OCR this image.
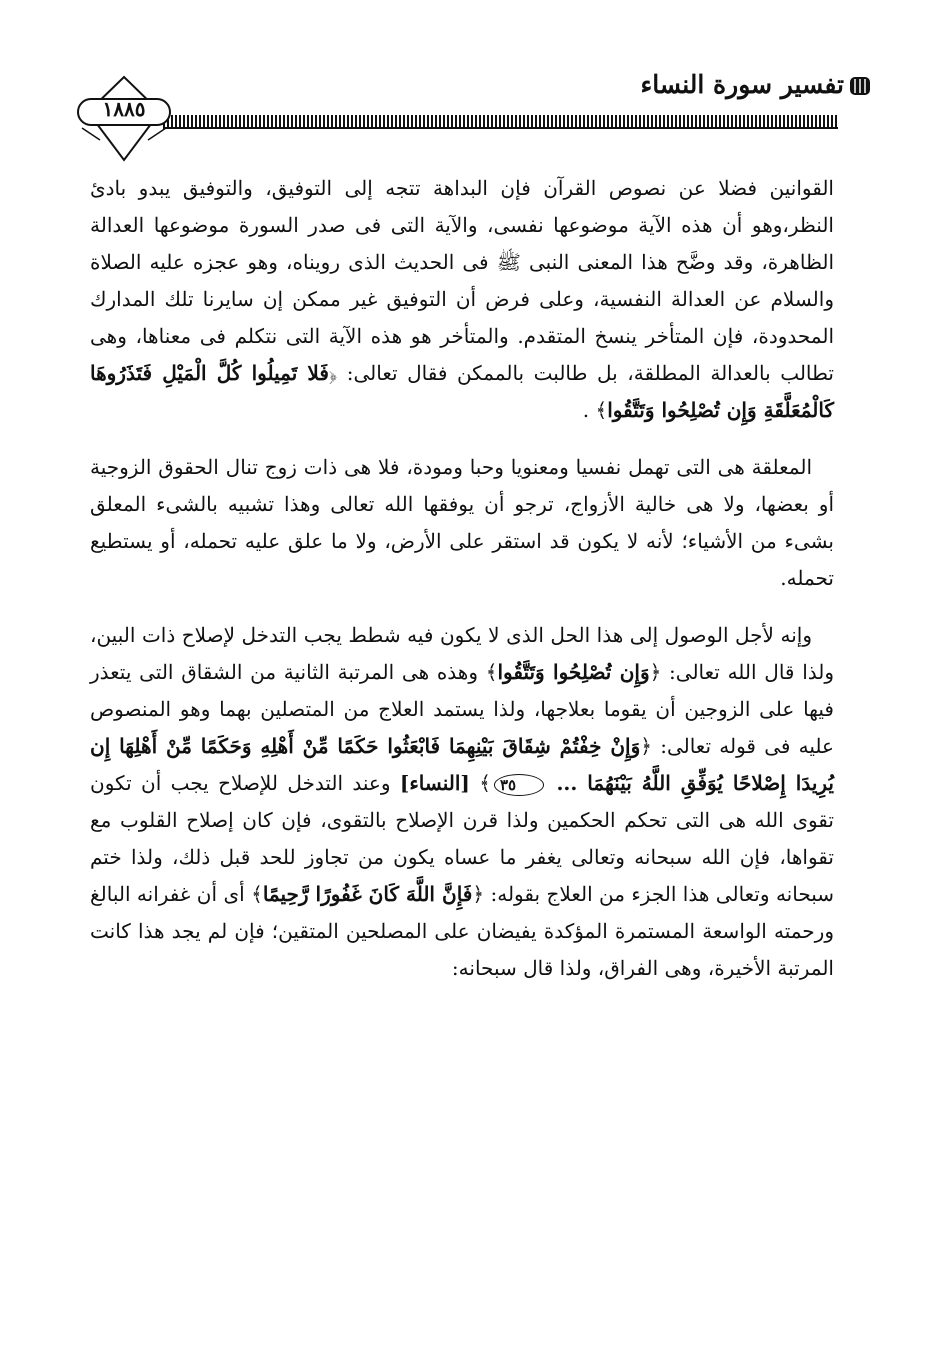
تفسير سورة النساء
١٨٨٥

القوانين فضلا عن نصوص القرآن فإن البداهة تتجه إلى التوفيق، والتوفيق يبدو بادئ النظر،وهو أن هذه الآية موضوعها نفسى، والآية التى فى صدر السورة موضوعها العدالة الظاهرة، وقد وضَّح هذا المعنى النبى ﷺ فى الحديث الذى رويناه، وهو عجزه عليه الصلاة والسلام عن العدالة النفسية، وعلى فرض أن التوفيق غير ممكن إن سايرنا تلك المدارك المحدودة، فإن المتأخر ينسخ المتقدم. والمتأخر هو هذه الآية التى نتكلم فى معناها، وهى تطالب بالعدالة المطلقة، بل طالبت بالممكن فقال تعالى: ﴿فَلا تَمِيلُوا كُلَّ الْمَيْلِ فَتَذَرُوهَا كَالْمُعَلَّقَةِ وَإِن تُصْلِحُوا وَتَتَّقُوا﴾ .

المعلقة هى التى تهمل نفسيا ومعنويا وحبا ومودة، فلا هى ذات زوج تنال الحقوق الزوجية أو بعضها، ولا هى خالية الأزواج، ترجو أن يوفقها الله تعالى وهذا تشبيه بالشىء المعلق بشىء من الأشياء؛ لأنه لا يكون قد استقر على الأرض، ولا ما علق عليه تحمله، أو يستطيع تحمله.

وإنه لأجل الوصول إلى هذا الحل الذى لا يكون فيه شطط يجب التدخل لإصلاح ذات البين، ولذا قال الله تعالى: ﴿وَإِن تُصْلِحُوا وَتَتَّقُوا﴾ وهذه هى المرتبة الثانية من الشقاق التى يتعذر فيها على الزوجين أن يقوما بعلاجها، ولذا يستمد العلاج من المتصلين بهما وهو المنصوص عليه فى قوله تعالى: ﴿وَإِنْ خِفْتُمْ شِقَاقَ بَيْنِهِمَا فَابْعَثُوا حَكَمًا مِّنْ أَهْلِهِ وَحَكَمًا مِّنْ أَهْلِهَا إِن يُرِيدَا إِصْلاحًا يُوَفِّقِ اللَّهُ بَيْنَهُمَا ... ٣٥﴾ [النساء] وعند التدخل للإصلاح يجب أن تكون تقوى الله هى التى تحكم الحكمين ولذا قرن الإصلاح بالتقوى، فإن كان إصلاح القلوب مع تقواها، فإن الله سبحانه وتعالى يغفر ما عساه يكون من تجاوز للحد قبل ذلك، ولذا ختم سبحانه وتعالى هذا الجزء من العلاج بقوله: ﴿فَإِنَّ اللَّهَ كَانَ غَفُورًا رَّحِيمًا﴾ أى أن غفرانه البالغ ورحمته الواسعة المستمرة المؤكدة يفيضان على المصلحين المتقين؛ فإن لم يجد هذا كانت المرتبة الأخيرة، وهى الفراق، ولذا قال سبحانه:
